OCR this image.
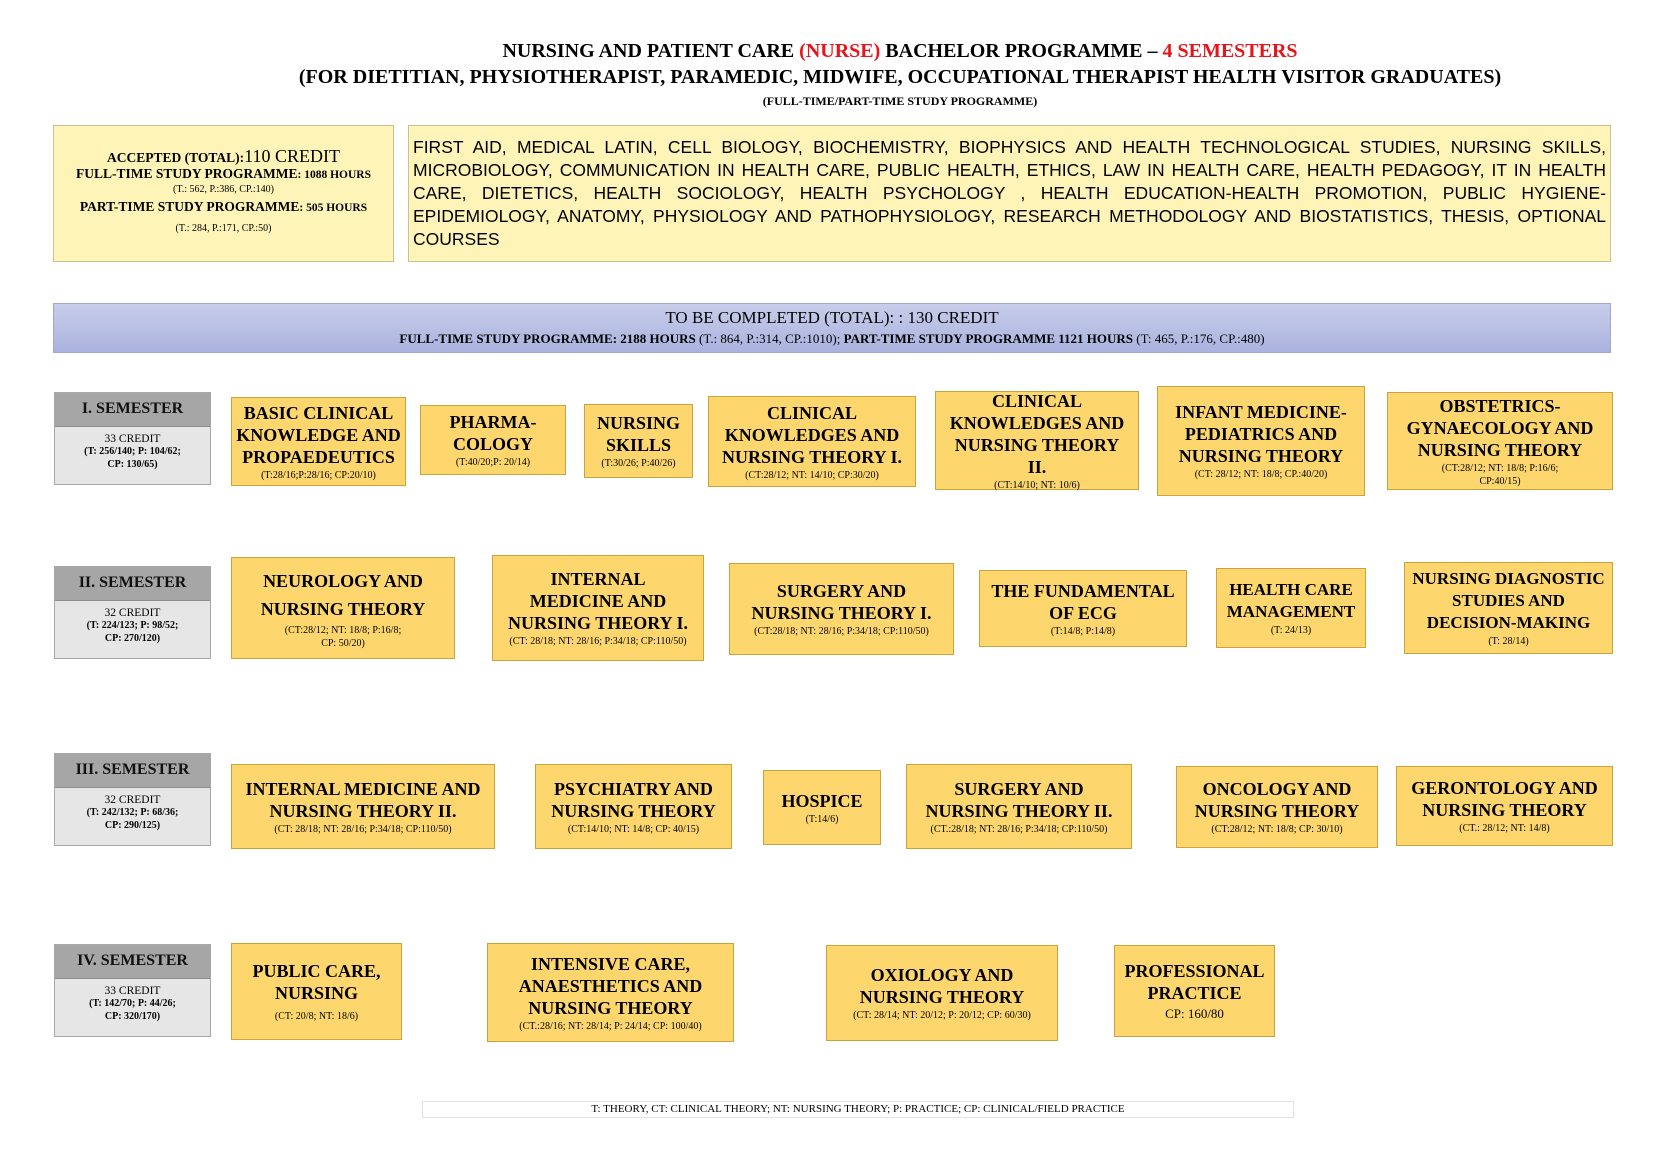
NURSING AND PATIENT CARE (NURSE) BACHELOR PROGRAMME – 4 SEMESTERS
(FOR DIETITIAN, PHYSIOTHERAPIST, PARAMEDIC, MIDWIFE, OCCUPATIONAL THERAPIST HEALTH VISITOR GRADUATES)
(FULL-TIME/PART-TIME STUDY PROGRAMME)
ACCEPTED (TOTAL):110 CREDIT
FULL-TIME STUDY PROGRAMME: 1088 HOURS
(T.: 562, P.:386, CP.:140)
PART-TIME STUDY PROGRAMME: 505 HOURS
(T.: 284, P.:171, CP.:50)
FIRST AID, MEDICAL LATIN, CELL BIOLOGY, BIOCHEMISTRY, BIOPHYSICS AND HEALTH TECHNOLOGICAL STUDIES, NURSING SKILLS, MICROBIOLOGY, COMMUNICATION IN HEALTH CARE, PUBLIC HEALTH, ETHICS, LAW IN HEALTH CARE, HEALTH PEDAGOGY, IT IN HEALTH CARE, DIETETICS, HEALTH SOCIOLOGY, HEALTH PSYCHOLOGY , HEALTH EDUCATION-HEALTH PROMOTION, PUBLIC HYGIENE-EPIDEMIOLOGY, ANATOMY, PHYSIOLOGY AND PATHOPHYSIOLOGY, RESEARCH METHODOLOGY AND BIOSTATISTICS, THESIS, OPTIONAL COURSES
TO BE COMPLETED (TOTAL): : 130 CREDIT
FULL-TIME STUDY PROGRAMME: 2188 HOURS (T.: 864, P.:314, CP.:1010); PART-TIME STUDY PROGRAMME 1121 HOURS (T: 465, P.:176, CP.:480)
I. SEMESTER
33 CREDIT
(T: 256/140; P: 104/62;
CP: 130/65)
BASIC CLINICAL KNOWLEDGE AND PROPAEDEUTICS
(T:28/16;P:28/16; CP:20/10)
PHARMA-COLOGY
(T:40/20;P: 20/14)
NURSING SKILLS
(T:30/26; P:40/26)
CLINICAL KNOWLEDGES AND NURSING THEORY I.
(CT:28/12; NT: 14/10; CP:30/20)
CLINICAL KNOWLEDGES AND NURSING THEORY II.
(CT:14/10; NT: 10/6)
INFANT MEDICINE-PEDIATRICS AND NURSING THEORY
(CT: 28/12; NT: 18/8; CP.:40/20)
OBSTETRICS-GYNAECOLOGY AND NURSING THEORY
(CT:28/12; NT: 18/8; P:16/6; CP:40/15)
II. SEMESTER
32 CREDIT
(T: 224/123; P: 98/52;
CP: 270/120)
NEUROLOGY AND NURSING THEORY
(CT:28/12; NT: 18/8; P:16/8; CP: 50/20)
INTERNAL MEDICINE AND NURSING THEORY I.
(CT: 28/18; NT: 28/16; P:34/18; CP:110/50)
SURGERY AND NURSING THEORY I.
(CT:28/18; NT: 28/16; P:34/18; CP:110/50)
THE FUNDAMENTAL OF ECG
(T:14/8; P:14/8)
HEALTH CARE MANAGEMENT
(T: 24/13)
NURSING DIAGNOSTIC STUDIES AND DECISION-MAKING
(T: 28/14)
III. SEMESTER
32 CREDIT
(T: 242/132; P: 68/36;
CP: 290/125)
INTERNAL MEDICINE AND NURSING THEORY II.
(CT: 28/18; NT: 28/16; P:34/18; CP:110/50)
PSYCHIATRY AND NURSING THEORY
(CT:14/10; NT: 14/8; CP: 40/15)
HOSPICE
(T:14/6)
SURGERY AND NURSING THEORY II.
(CT.:28/18; NT: 28/16; P:34/18; CP:110/50)
ONCOLOGY AND NURSING THEORY
(CT:28/12; NT: 18/8; CP: 30/10)
GERONTOLOGY AND NURSING THEORY
(CT.: 28/12; NT: 14/8)
IV. SEMESTER
33 CREDIT
(T: 142/70; P: 44/26;
CP: 320/170)
PUBLIC CARE, NURSING
(CT: 20/8; NT: 18/6)
INTENSIVE CARE, ANAESTHETICS AND NURSING THEORY
(CT.:28/16; NT: 28/14; P: 24/14; CP: 100/40)
OXIOLOGY AND NURSING THEORY
(CT: 28/14; NT: 20/12; P: 20/12; CP: 60/30)
PROFESSIONAL PRACTICE
CP: 160/80
T: THEORY, CT: CLINICAL THEORY; NT: NURSING THEORY; P: PRACTICE; CP: CLINICAL/FIELD PRACTICE
